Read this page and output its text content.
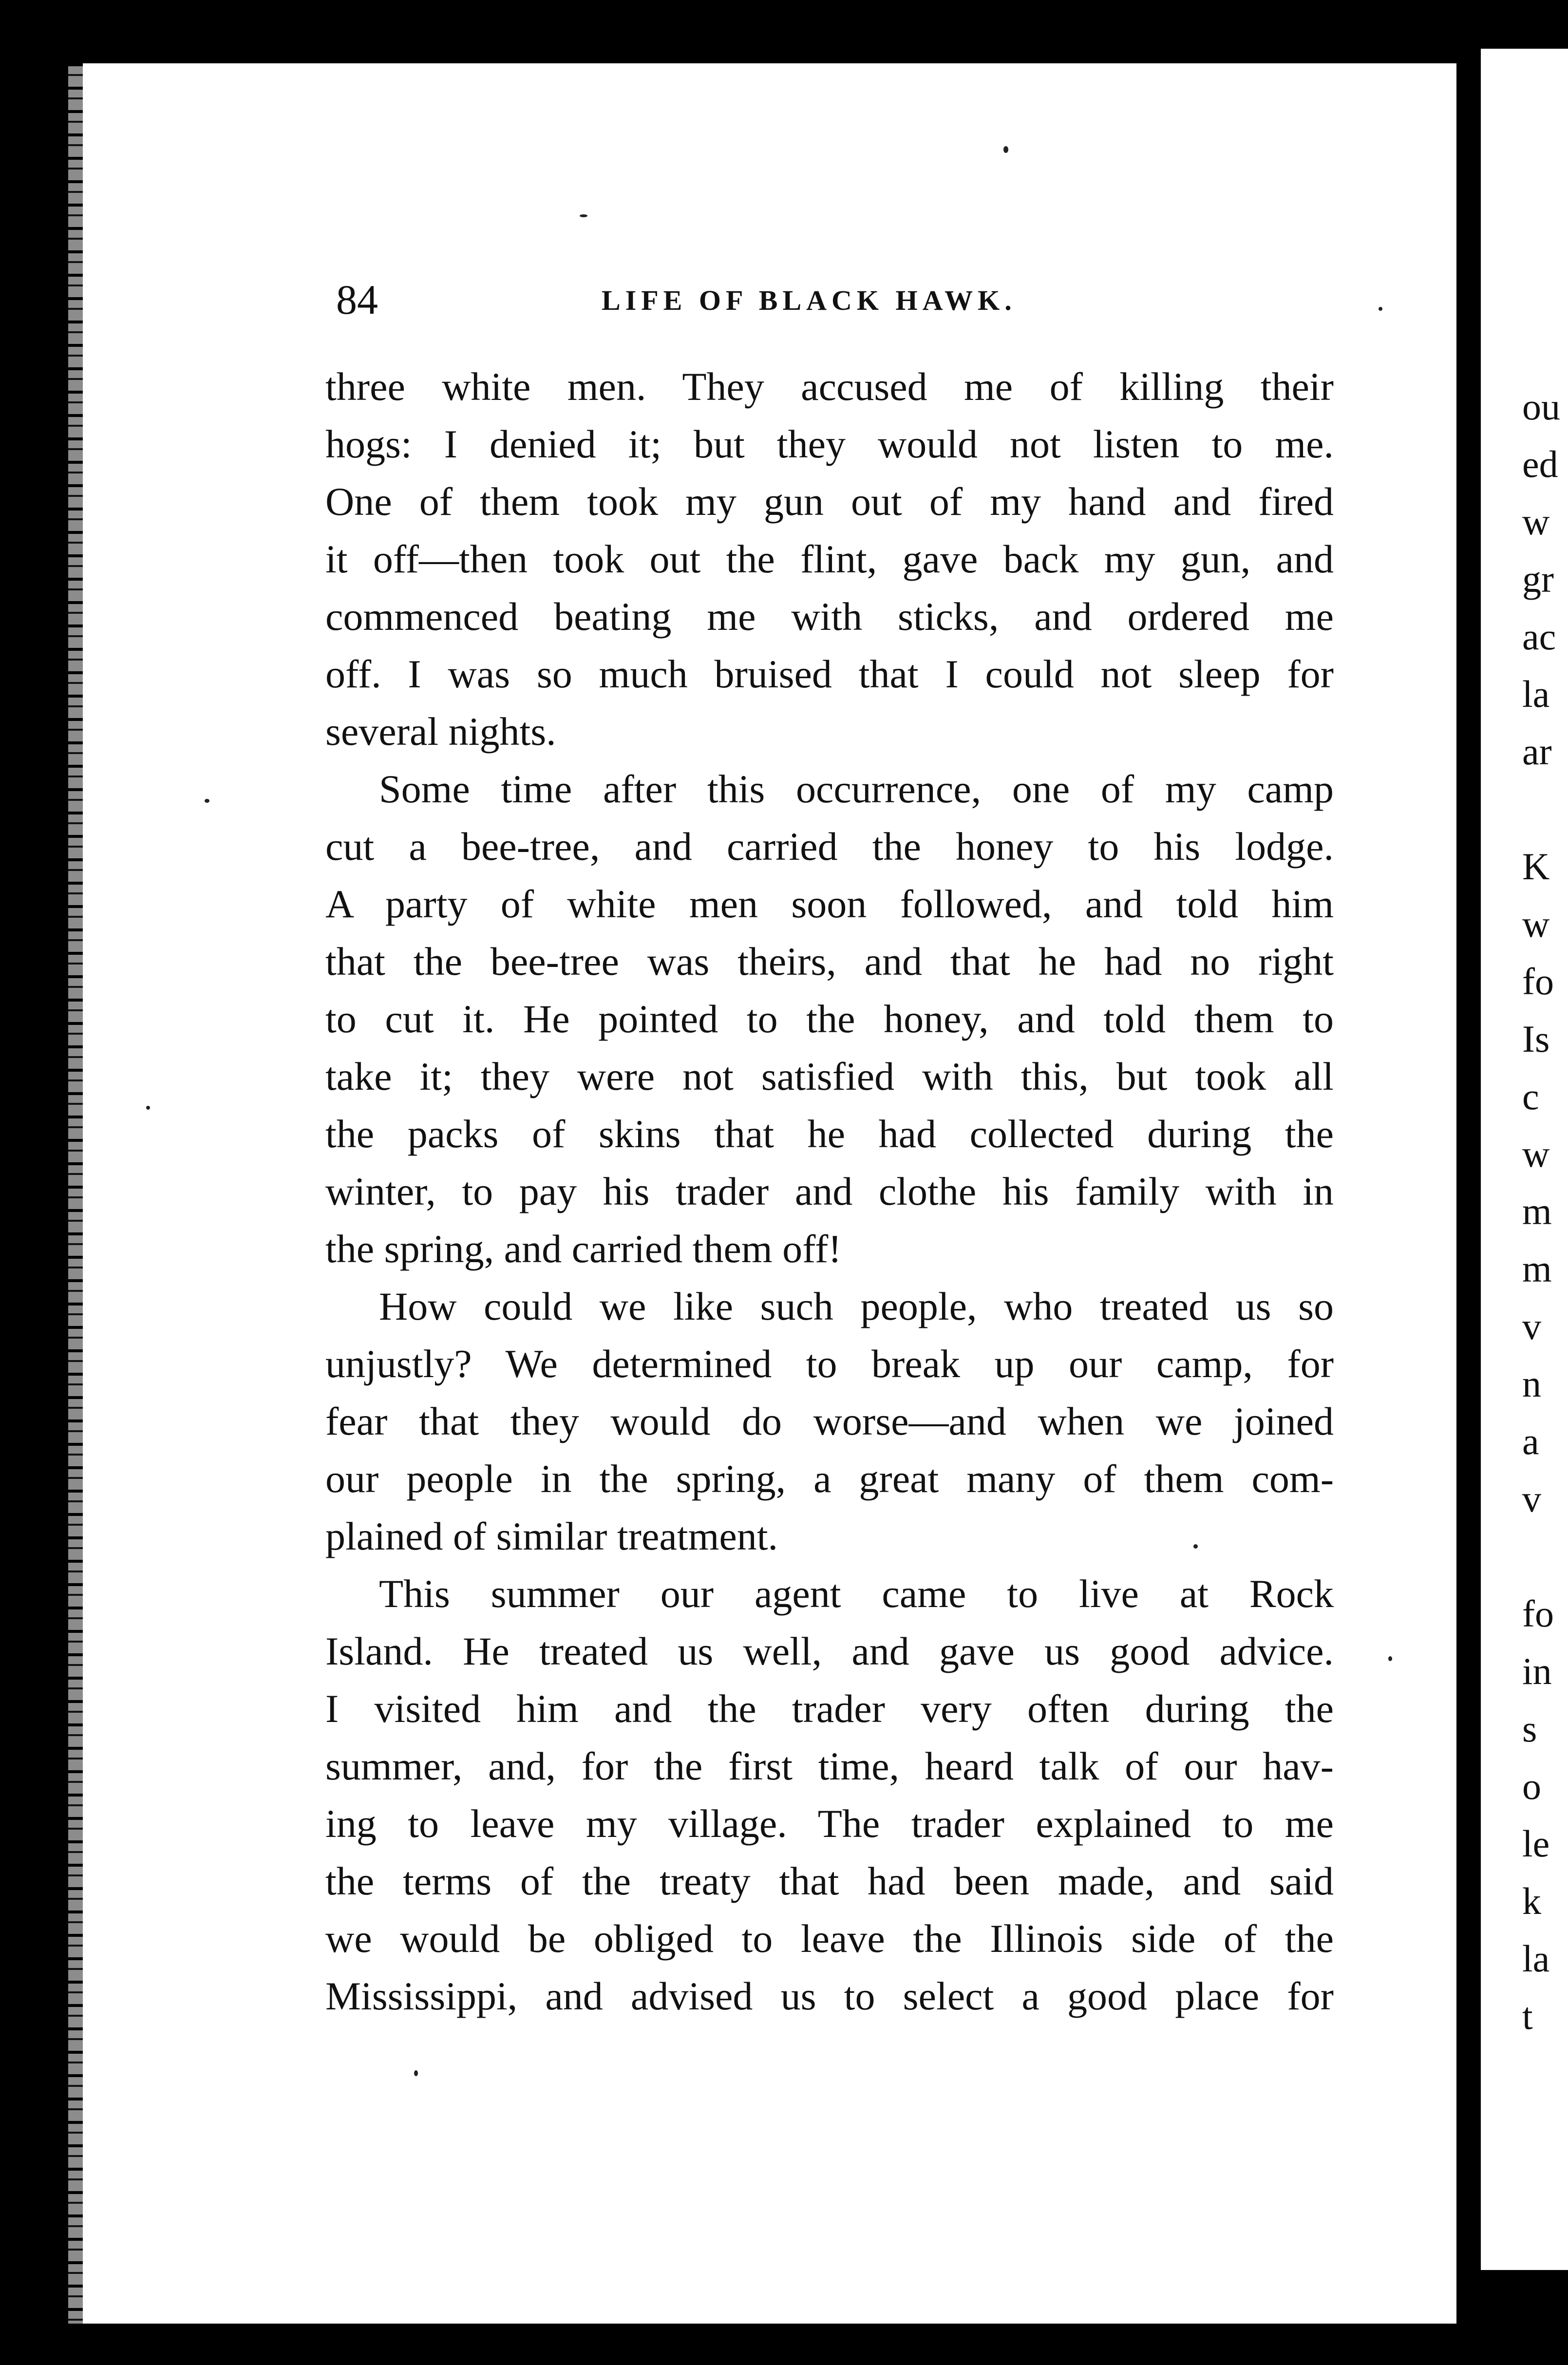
ou
ed
w
gr
ac
la
ar
K
w
fo
Is
c
w
m
m
v
n
a
v
fo
in
s
o
le
k
la
t
84	LIFE OF BLACK HAWK.
three white men. They accused me of killing their
hogs: I denied it; but they would not listen to me.
One of them took my gun out of my hand and fired
it off—then took out the flint, gave back my gun, and
commenced beating me with sticks, and ordered me
off. I was so much bruised that I could not sleep for
several nights.
Some time after this occurrence, one of my camp
cut a bee-tree, and carried the honey to his lodge.
A party of white men soon followed, and told him
that the bee-tree was theirs, and that he had no right
to cut it. He pointed to the honey, and told them to
take it; they were not satisfied with this, but took all
the packs of skins that he had collected during the
winter, to pay his trader and clothe his family with in
the spring, and carried them off!
How could we like such people, who treated us so
unjustly? We determined to break up our camp, for
fear that they would do worse—and when we joined
our people in the spring, a great many of them com-
plained of similar treatment.
This summer our agent came to live at Rock
Island. He treated us well, and gave us good advice.
I visited him and the trader very often during the
summer, and, for the first time, heard talk of our hav-
ing to leave my village. The trader explained to me
the terms of the treaty that had been made, and said
we would be obliged to leave the Illinois side of the
Mississippi, and advised us to select a good place for
